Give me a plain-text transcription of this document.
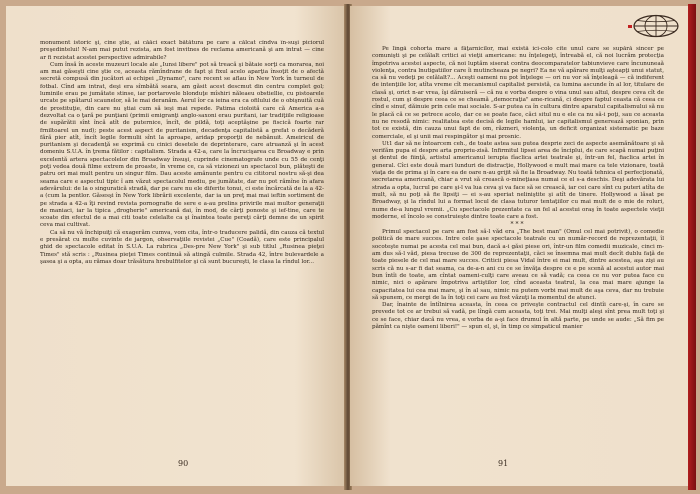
monument istoric şi, cine ştie, ai căăci exact bătătura pe care a călcat cîndva în-suşi piciorul preşedintelui! N-am mai putut rezista, am fost invitnes de reclama americană şi am intrat — cine ar fi rezistat acestei perspective admirabile?

Cum însă în aceste muzeuri locale ale „Iunsi libere" pot să treacă şi bătaie sorţi ca morarea, noi am mai găseşti cine ştie ce, aceasta rămîndrane de fapt şi fixul acelo aparţia însoţit de o afectă secretă compusă din jucători ai echipei „Dynamo", care recent se aflau în New York în turneul de fotbal. Cînd am intrat, deşi era sîmbătă seara, am găsit acest descmut din centru complet gol; luminile erau pe jumătate stinse, iar portarovele blonduţe mîshiri năleaeu obstiellie, cu pistoarele urcate pe spătarul scaunelor, să le mai deranăm. Aerul îor ca ieina era ca ofilului de o obişnuită cuă de prostituţie, din care nu ştiai cum să ieşi mai repede. Patima cioloită care că America a-a dezvoltat ca o ţară pe punţiani (primii emigranţi anglo-saxoni erau puritani, iar tradiţiile religioase de supărătii sînt încă atît de puternice, încît, de pildă, toţi aceptăşine pe fiscică foarte rar frniltoarel un nud); peste acest aspect de puritanism, decadenţa capitalistă a grefat o decăderă fără pier atît, încît legile formulii sînt la aproape, aridap proporţii de nebănuit. Ameiricul de puritanism şi decadenţă se exprimă cu cinici desetele de deprinterare, care atruanză şi în acest domeniu S.U.A. în ţrema fătilor : capitalism. Strada a 42-a, care la încrucişarea cu Broadway e prin excelentă artera spectacolelor din Broadway însuşi, cuprinde cinematografe unde cu 55 de cenţi poţi vedea două filme extrem de proaste, în vreme ce, ca să vizionezi un spectacol bun, plăteşti de patru ori mai mult pentru un singur film. Dau aceste amănunte pentru cu cititorul nostru să-şi dea seama care e aspectul tipic î am văzut spectacolul mediu, pe jumătate, dar nu pot rămîne în afara adevărului: de la o singuratică stradă, dar pe care nu ele diferite tonui, ci este încărcată de la a 42-a (cum la pentlor. Găsesşi în New York librării excelente, dar ia un preţ mai mai ieftin sortiment de pe strada a 42-a îţi revind revista pornografie de sere e a-au prelins privirile mai multor generaţii de maniaci, iar la tipica „drogherie" americană dai, în mod, de cărţi ponoste şi ief-tine, care te scoate din efectul de a mai citi toate celelalte ca şi înaintea toate pereţi cărţi demne de un spirit ceva mai cultivat.

Ca să nu vă închipuiţi că exagerăm cumva, vom cita, într-o traducere palidă, din cauza că textul e presărat cu multe cuvinte de jargon, observaţiile revistei „Cue" (Coadă), care este principalul ghid de spectacole editat în S.U.A. La rubrica „Des-pre New York" şi sub titlul „Rusinea pieţei Times" stă scris : „Rusinea pieţei Times continuă să atingă culmile. Strada 42, între bulevardele a şasea şi a opta, au rămas doar trăsătura hrebulfitelor şi că sunt bucureşti, le clasa la rîndul lor...

90

Pe lîngă cohorta mare a făţarnicilor, mai există ici-colo cite unul care se supără sincer pe comunişti şi pe celălalt critici ai vieţii americane: nu înţelegeţi, întreabă el, că noi lucrăm protecţia împotriva acestei aspecte, că noi luptăm siserat contra deocomparatelor tabiunvieve care încununeaă violenţa, contra lnutigatiilor care îi mutincheaza pe negri? Ea ne vă apărare mulţi aşteapţi unui statut, ca să nu vedeţi pe celălalt?... Aceşti oameni nu pot înţelege — ori nu vor să înţeleagă — că indiferent de intenţiile lor, atîta vreme cît mecanismul capitalist persistă, ca lumina ascunde în al lor, titulare de clasă şi, orict n-ar vrea, îşi dăruiseră — că nu e vorba despre o vina unul sau altul, despre ceva cît de rostul, cum şi despre ceea ce se cheamă „democraţia" ame-ricană, ci despre faptul ceasta că ceea ce cînd e sinuf, dăinuie prin cele mai sociale. S-ar putea ca în cultura dintre aparatul capitalismului să nu le placă că ce se petrece acolo, dar ce se poate face, căci situl nu e ele ca nu să-i poţi, sau ce aceasta nu ne resodă nimic: realitatea este decisă de legile hamlui, iar capitalismul generează sponian, prin tot ce există, din cauza unui fapt de om, răzmeri, violenţa, un deficit organizat sistematic pe baze comerciale, el şi unii mai respingător şi mai prosnic.

Ut1 dar să ne întoarcem ceh., de toate astea sau putea desprie zeci de aspecte asemănătoare şi să verifăm pupa el despre arta propriu-zisă. Infirmitul lipsei area de înciplui, de care scapă numai puţini şi dentul de fiinţă, artistul americanul ierupia fîaclica artei teatrale şi, într-un fel, fiaclica artei în general. Cîci este două mari lunduri de distracţie, Hollywood e mult mai mare ca tele vizionare, toată viaţa de de prima şi în care ea de oare n-au grijit să fie la Broadway. Nu toată tehnica el perfecţionată, secretarea americană, chiar a vrut să crească o-mineţiasa numai ce el s-a deschis. Deşi adevărata lui strada a opta, lucrul pe care şi-l va lua ceva şi va face să se crească, iar cei care sînt cu puteri atîta de mult, să nu poţi să fie lipsiţi — ei s-au speriat neliniştite şi atît de tinere. Hollywood a lăsat pe Broadway, şi la rîndul lui a format locul de clasa tuturor tentaţiilor cu mai mult de o mie de roluri, nume de-a lungul vremii. „Cu spectacole prezentate ca un fel al acestui oraş în toate aspectele vieţii moderne, el încolo se construieşte dintre toate care a fost.

***

Primul spectacol pe care am fost să-l văd era „The best man" (Omul cel mai potrivit), o comedie politică de mare succes. Intre cele şase spectacole teatrale cu un număr-record de reprezentaţii, îl socoteşte numai pe acesta cel mai bun, dacă a-i găsi piese ori, într-un film comedii muzicale, cinci m-am dus să-l văd, piesa trecuse de 300 de reprezentaţii, căci se însemna mai mult decît dublu faţă de toate piesele de cel mai mare succes. Criticii piesa Vidal între ei mai mult, dintre acestea, aşa zişi au scris că nu s-ar fi dat seama, ca de-a-n ani cu ce se învăţa despre ce e pe scenă al acestui autor mai bun întîi de toate, am cîntat oameni-culţi care aveau ce să vadă; ca ceea ce nu vor putea face cu nimic, nici o apărare împotriva artiştilor lor, cînd aceasta teatrul, la cea mai mare ajunge la capacitatea lui cea mai mare, şi în al sau, nimic nu putem vorbi mai mult de aşa ceva, dar nu trebuie să spunem, ce mergi de la în toţi cei care au fost văzuţi la momentul de atunci.

Dar, înainte de întîlnirea aceasta, în ceea ce priveşte contractul cel dintîi care-şi, în care se prevede tot ce ar trebui să vadă, pe lîngă cum aceasta, toţi trei. Mai mulţi aleşi sînt prea mult toţi şi ce se face, chiar dacă nu vrea, e vorba de a-şi face drumul în altă parte, pe unde se aude: „Să fim pe pămînt ca nişte oameni liberi!" — spun el, şi, în timp ce simpaticul manier

91
